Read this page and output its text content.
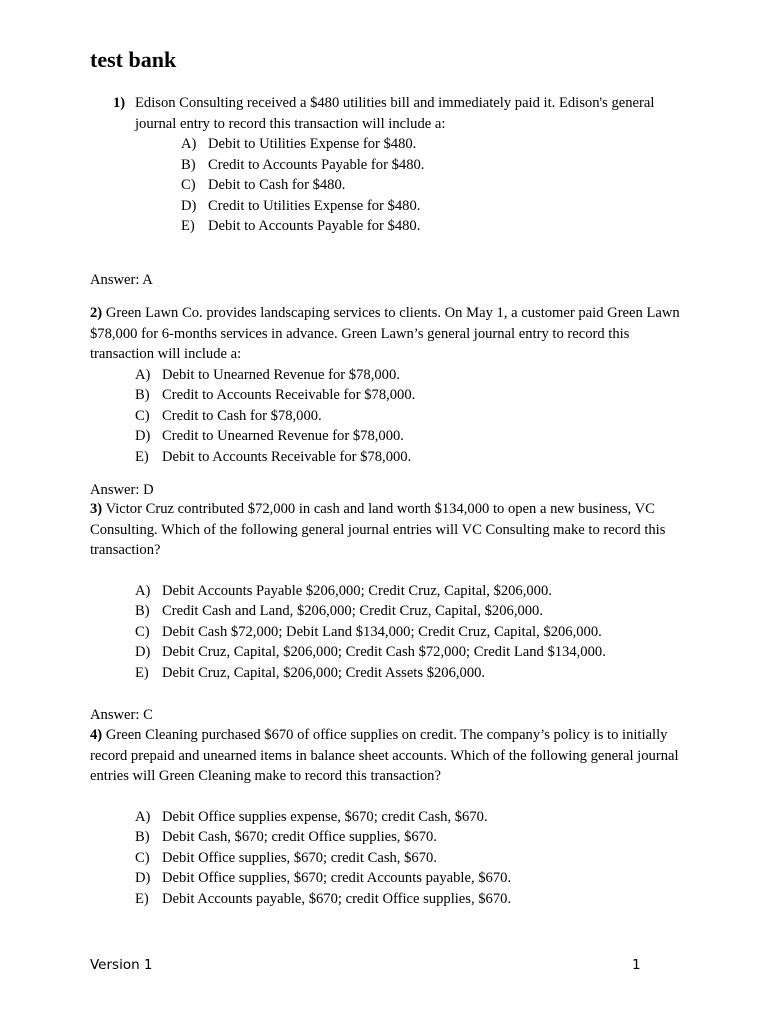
test bank
1) Edison Consulting received a $480 utilities bill and immediately paid it. Edison's general journal entry to record this transaction will include a:
A) Debit to Utilities Expense for $480.
B) Credit to Accounts Payable for $480.
C) Debit to Cash for $480.
D) Credit to Utilities Expense for $480.
E) Debit to Accounts Payable for $480.
Answer: A
2) Green Lawn Co. provides landscaping services to clients. On May 1, a customer paid Green Lawn $78,000 for 6-months services in advance. Green Lawn’s general journal entry to record this transaction will include a:
A) Debit to Unearned Revenue for $78,000.
B) Credit to Accounts Receivable for $78,000.
C) Credit to Cash for $78,000.
D) Credit to Unearned Revenue for $78,000.
E) Debit to Accounts Receivable for $78,000.
Answer: D
3) Victor Cruz contributed $72,000 in cash and land worth $134,000 to open a new business, VC Consulting. Which of the following general journal entries will VC Consulting make to record this transaction?
A) Debit Accounts Payable $206,000; Credit Cruz, Capital, $206,000.
B) Credit Cash and Land, $206,000; Credit Cruz, Capital, $206,000.
C) Debit Cash $72,000; Debit Land $134,000; Credit Cruz, Capital, $206,000.
D) Debit Cruz, Capital, $206,000; Credit Cash $72,000; Credit Land $134,000.
E) Debit Cruz, Capital, $206,000; Credit Assets $206,000.
Answer: C
4) Green Cleaning purchased $670 of office supplies on credit. The company’s policy is to initially record prepaid and unearned items in balance sheet accounts. Which of the following general journal entries will Green Cleaning make to record this transaction?
A) Debit Office supplies expense, $670; credit Cash, $670.
B) Debit Cash, $670; credit Office supplies, $670.
C) Debit Office supplies, $670; credit Cash, $670.
D) Debit Office supplies, $670; credit Accounts payable, $670.
E) Debit Accounts payable, $670; credit Office supplies, $670.
Version 1	1
